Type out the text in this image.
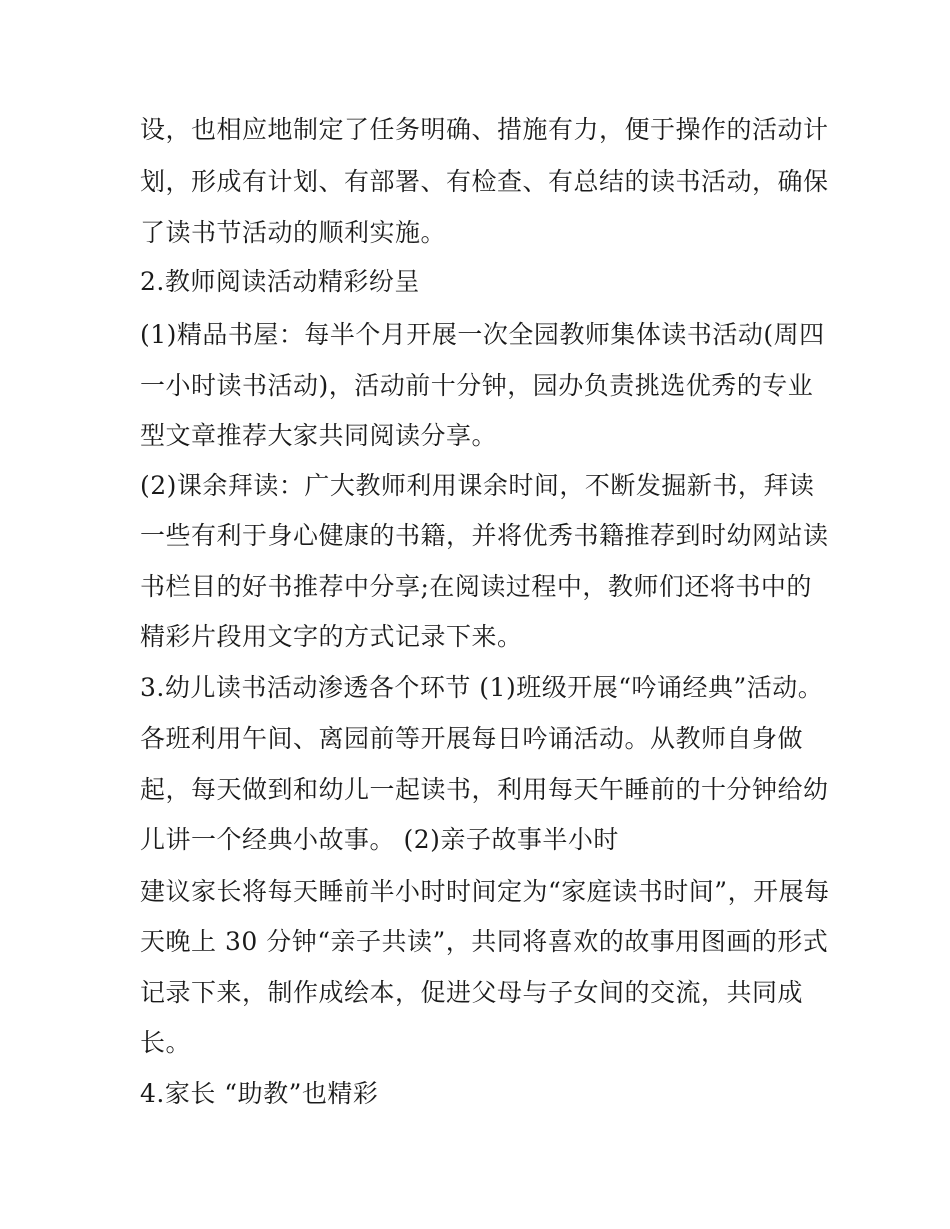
设，也相应地制定了任务明确、措施有力，便于操作的活动计

划，形成有计划、有部署、有检查、有总结的读书活动，确保

了读书节活动的顺利实施。

2.教师阅读活动精彩纷呈

(1)精品书屋：每半个月开展一次全园教师集体读书活动(周四

一小时读书活动)，活动前十分钟，园办负责挑选优秀的专业

型文章推荐大家共同阅读分享。

(2)课余拜读：广大教师利用课余时间，不断发掘新书，拜读

一些有利于身心健康的书籍，并将优秀书籍推荐到时幼网站读

书栏目的好书推荐中分享;在阅读过程中，教师们还将书中的

精彩片段用文字的方式记录下来。

3.幼儿读书活动渗透各个环节 (1)班级开展“吟诵经典”活动。

各班利用午间、离园前等开展每日吟诵活动。从教师自身做

起，每天做到和幼儿一起读书，利用每天午睡前的十分钟给幼

儿讲一个经典小故事。 (2)亲子故事半小时

建议家长将每天睡前半小时时间定为“家庭读书时间”，开展每

天晚上 30 分钟“亲子共读”，共同将喜欢的故事用图画的形式

记录下来，制作成绘本，促进父母与子女间的交流，共同成

长。

4.家长 “助教”也精彩
